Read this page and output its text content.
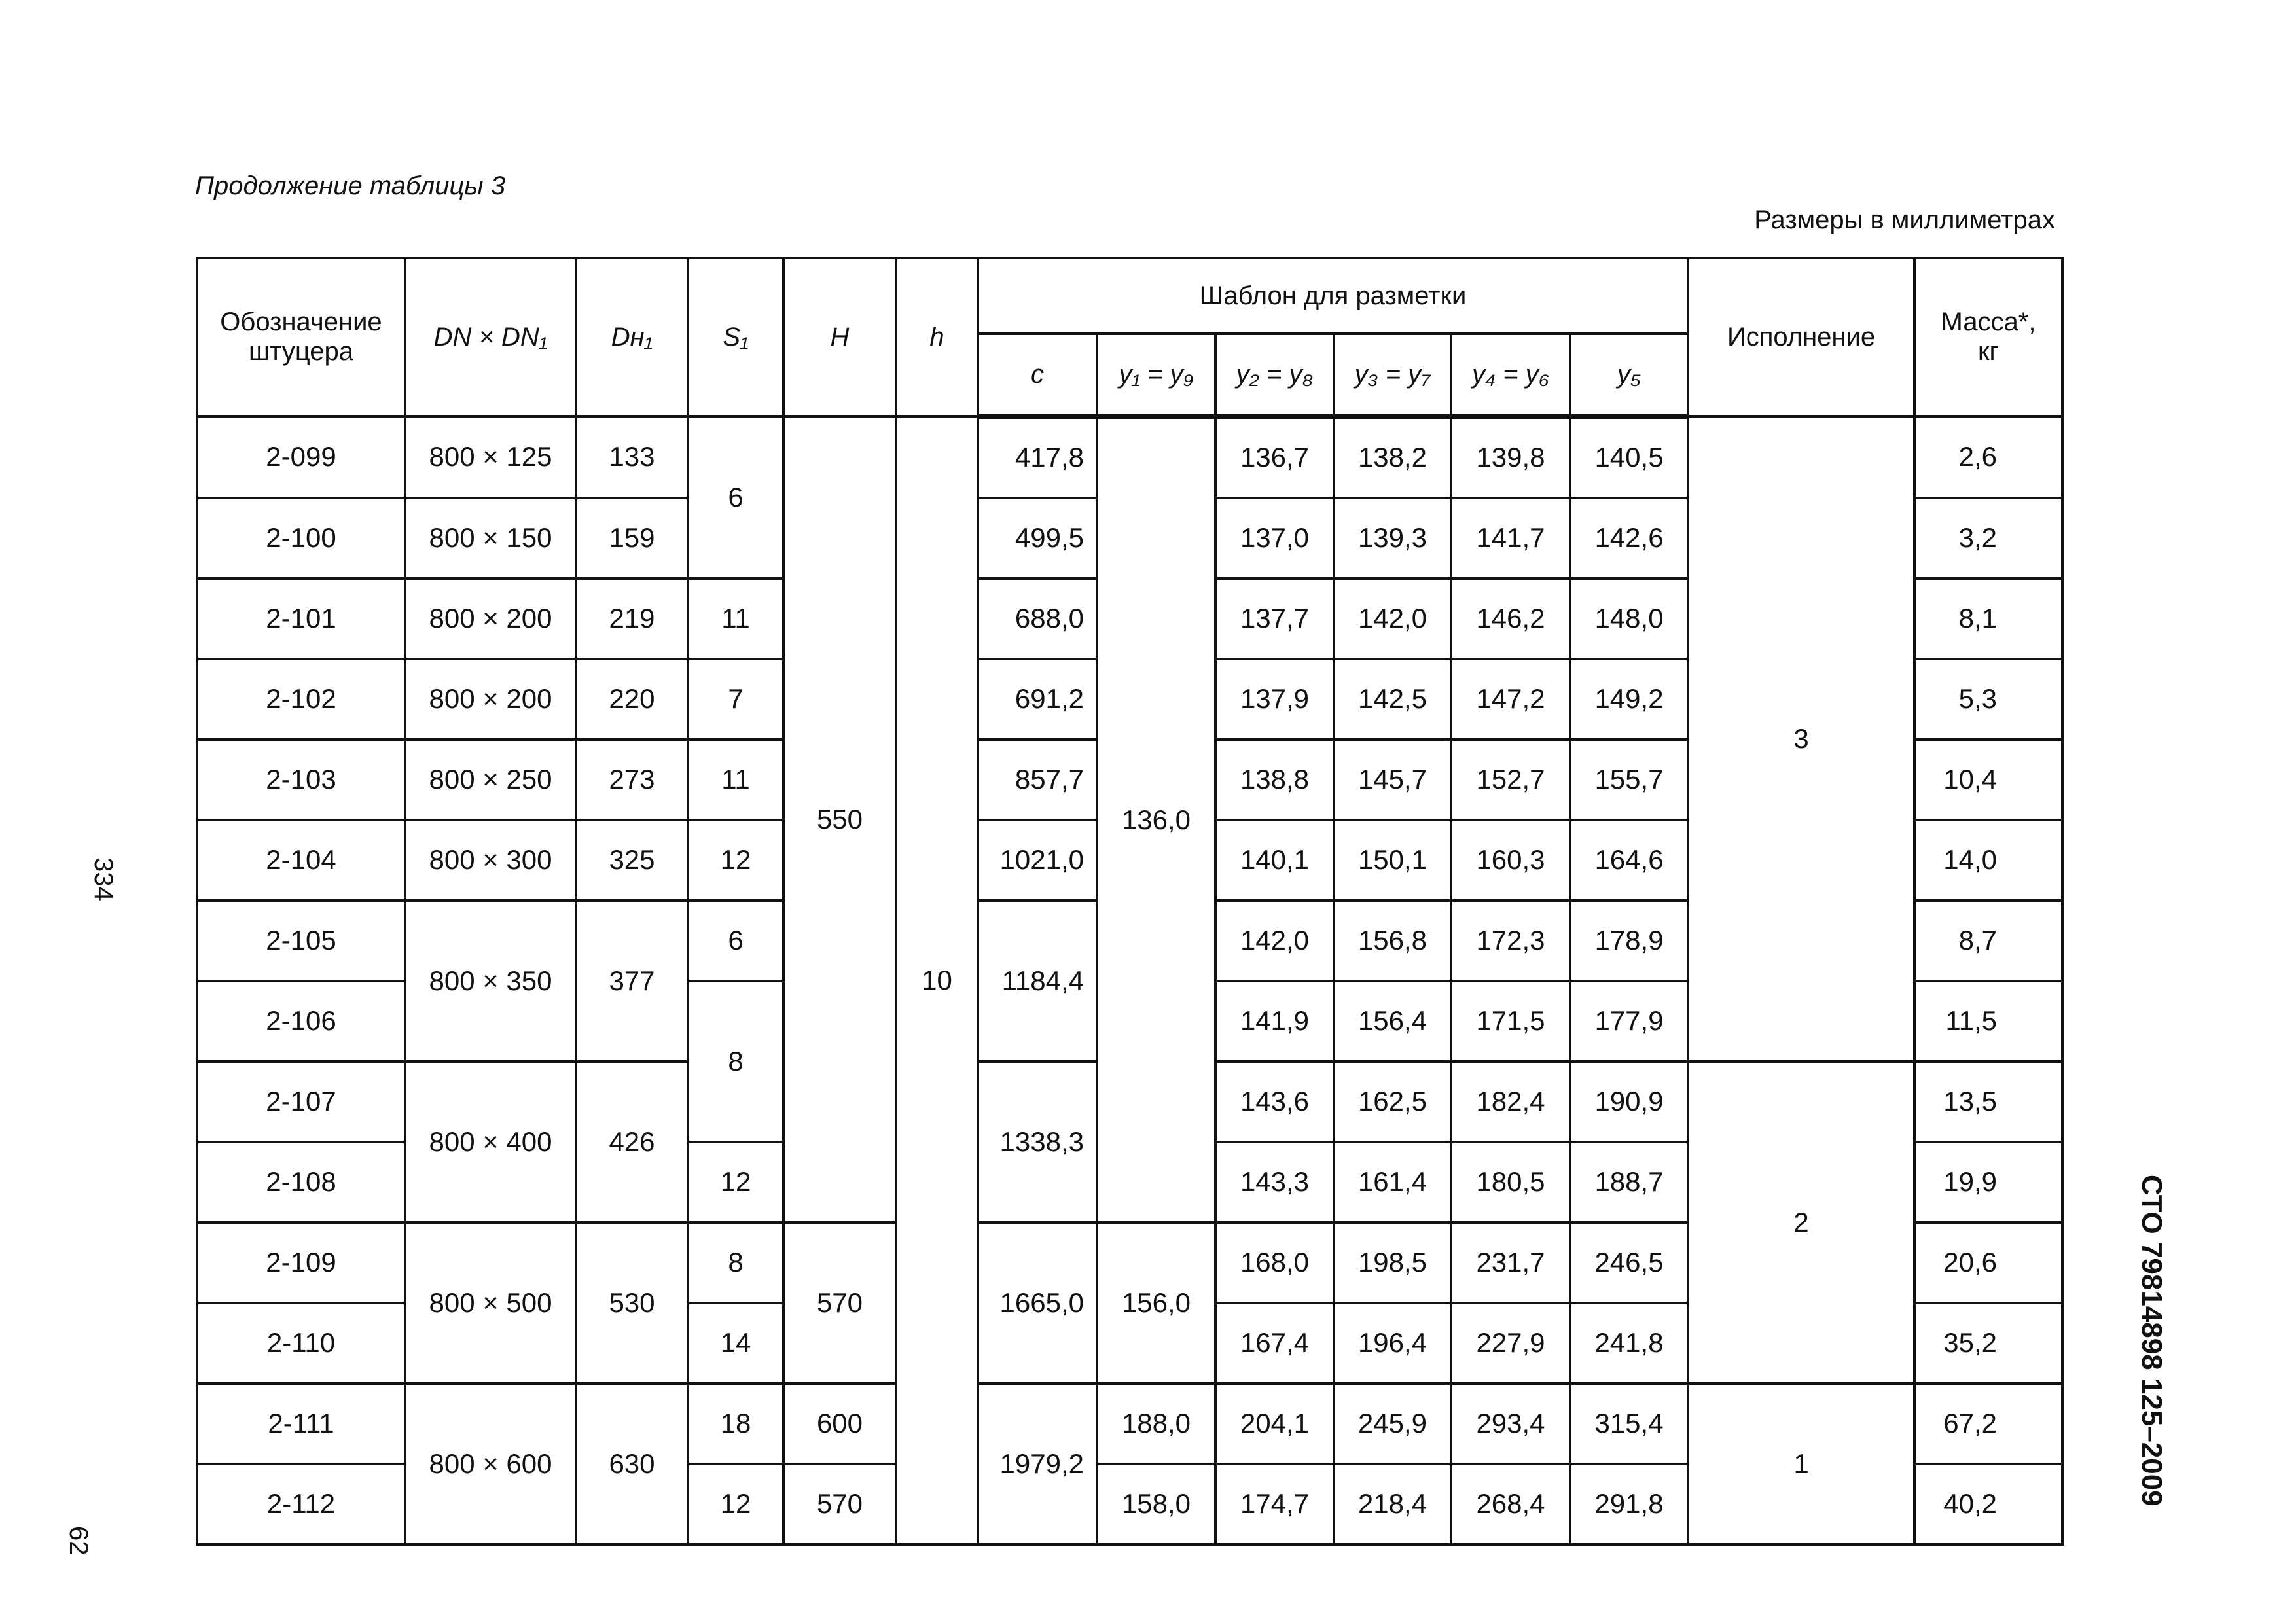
Продолжение таблицы 3
Размеры в миллиметрах
334
62
СТО 79814898 125–2009
Обозначение штуцера	DN × DN₁	Dн₁	S₁	H	h	Шаблон для разметки						Исполнение	Масса*, кг
						c	y₁ = y₉	y₂ = y₈	y₃ = y₇	y₄ = y₆	y₅		
2-099	800 × 125	133	6	550	10	417,8	136,0	136,7	138,2	139,8	140,5	3	2,6
2-100	800 × 150	159				499,5		137,0	139,3	141,7	142,6		3,2
2-101	800 × 200	219	11			688,0		137,7	142,0	146,2	148,0		8,1
2-102	800 × 200	220	7			691,2		137,9	142,5	147,2	149,2		5,3
2-103	800 × 250	273	11			857,7		138,8	145,7	152,7	155,7		10,4
2-104	800 × 300	325	12			1021,0		140,1	150,1	160,3	164,6		14,0
2-105	800 × 350	377	6			1184,4		142,0	156,8	172,3	178,9		8,7
2-106			8					141,9	156,4	171,5	177,9		11,5
2-107	800 × 400	426				1338,3		143,6	162,5	182,4	190,9	2	13,5
2-108			12					143,3	161,4	180,5	188,7		19,9
2-109	800 × 500	530	8	570		1665,0	156,0	168,0	198,5	231,7	246,5		20,6
2-110			14					167,4	196,4	227,9	241,8		35,2
2-111	800 × 600	630	18	600		1979,2	188,0	204,1	245,9	293,4	315,4	1	67,2
2-112			12	570			158,0	174,7	218,4	268,4	291,8		40,2
